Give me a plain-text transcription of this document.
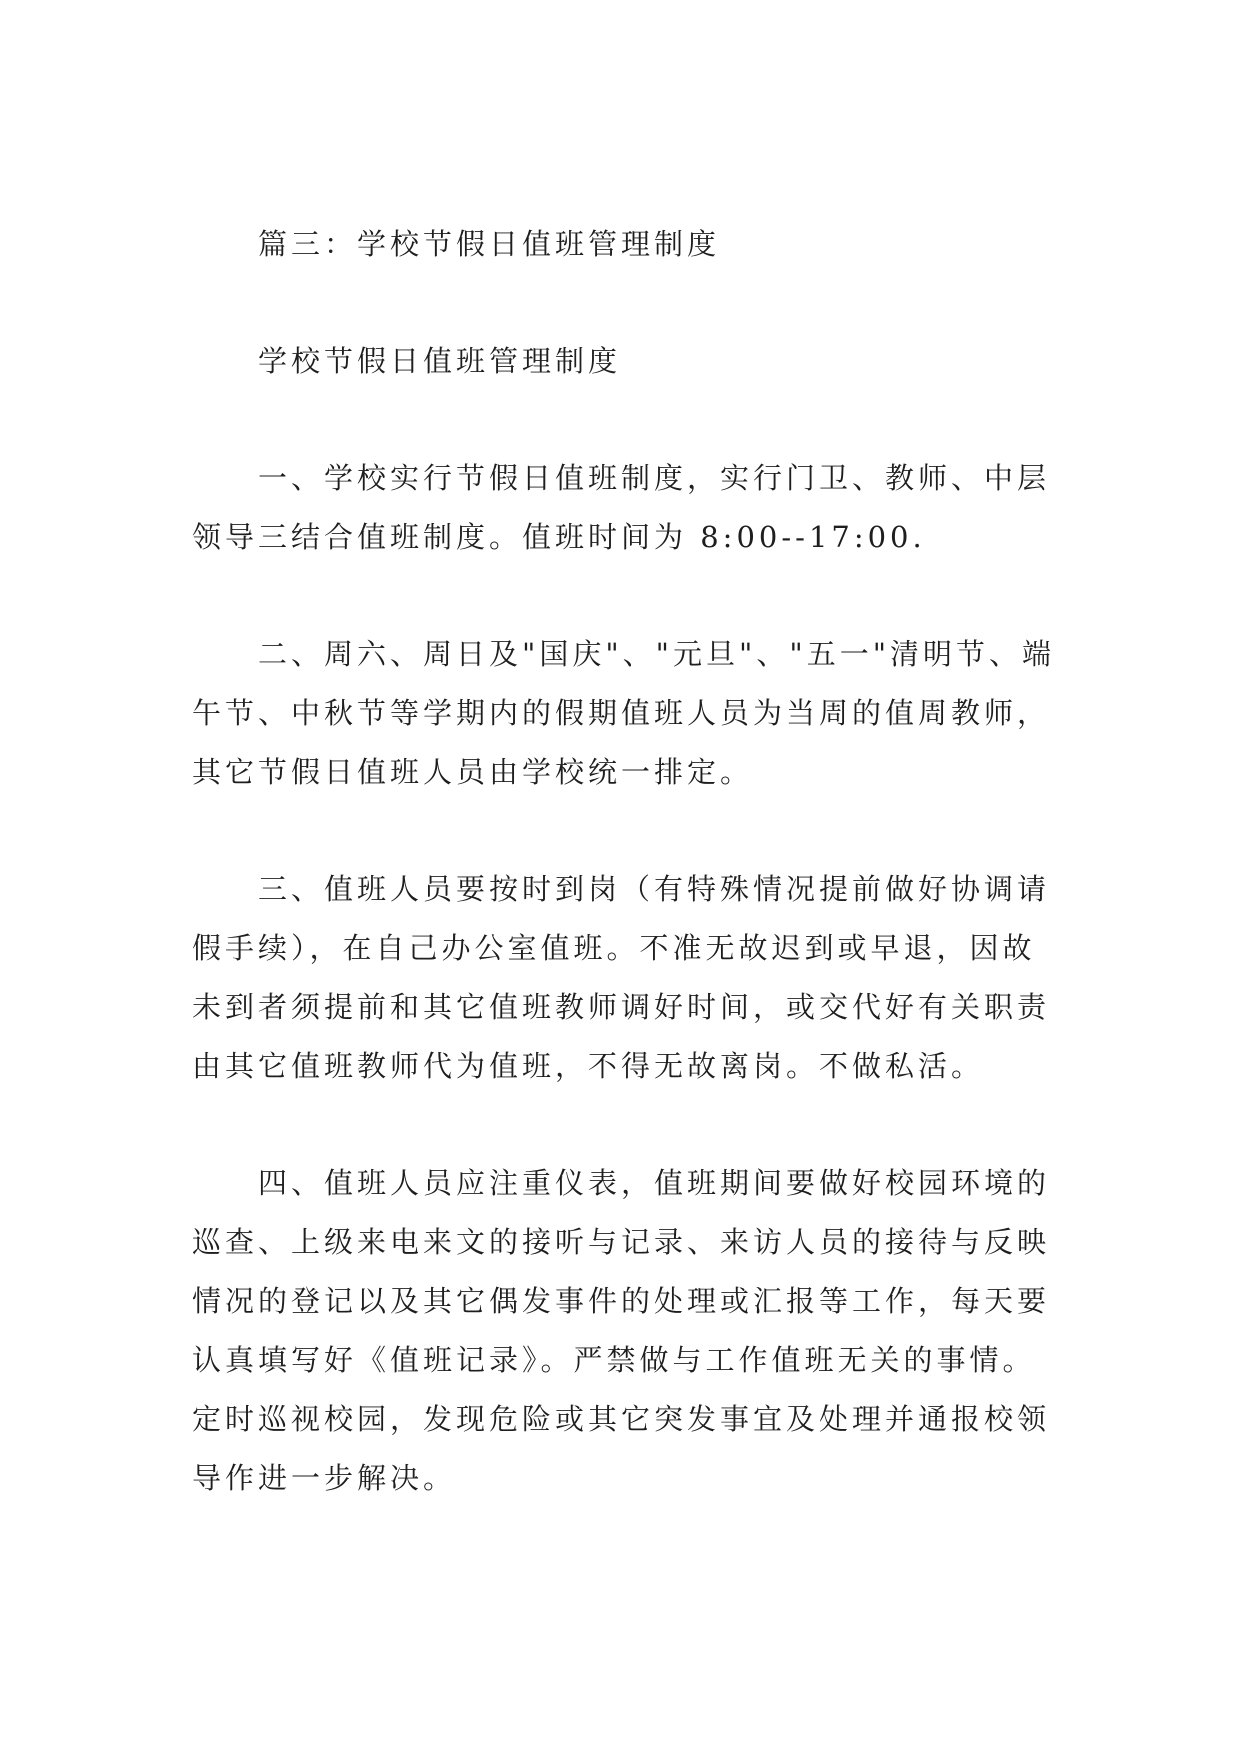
篇三：学校节假日值班管理制度
学校节假日值班管理制度
一、学校实行节假日值班制度，实行门卫、教师、中层
领导三结合值班制度。值班时间为 8:00--17:00.
二、周六、周日及"国庆"、"元旦"、"五一"清明节、端
午节、中秋节等学期内的假期值班人员为当周的值周教师，
其它节假日值班人员由学校统一排定。
三、值班人员要按时到岗（有特殊情况提前做好协调请
假手续），在自己办公室值班。不准无故迟到或早退，因故
未到者须提前和其它值班教师调好时间，或交代好有关职责
由其它值班教师代为值班，不得无故离岗。不做私活。
四、值班人员应注重仪表，值班期间要做好校园环境的
巡查、上级来电来文的接听与记录、来访人员的接待与反映
情况的登记以及其它偶发事件的处理或汇报等工作，每天要
认真填写好《值班记录》。严禁做与工作值班无关的事情。
定时巡视校园，发现危险或其它突发事宜及处理并通报校领
导作进一步解决。
